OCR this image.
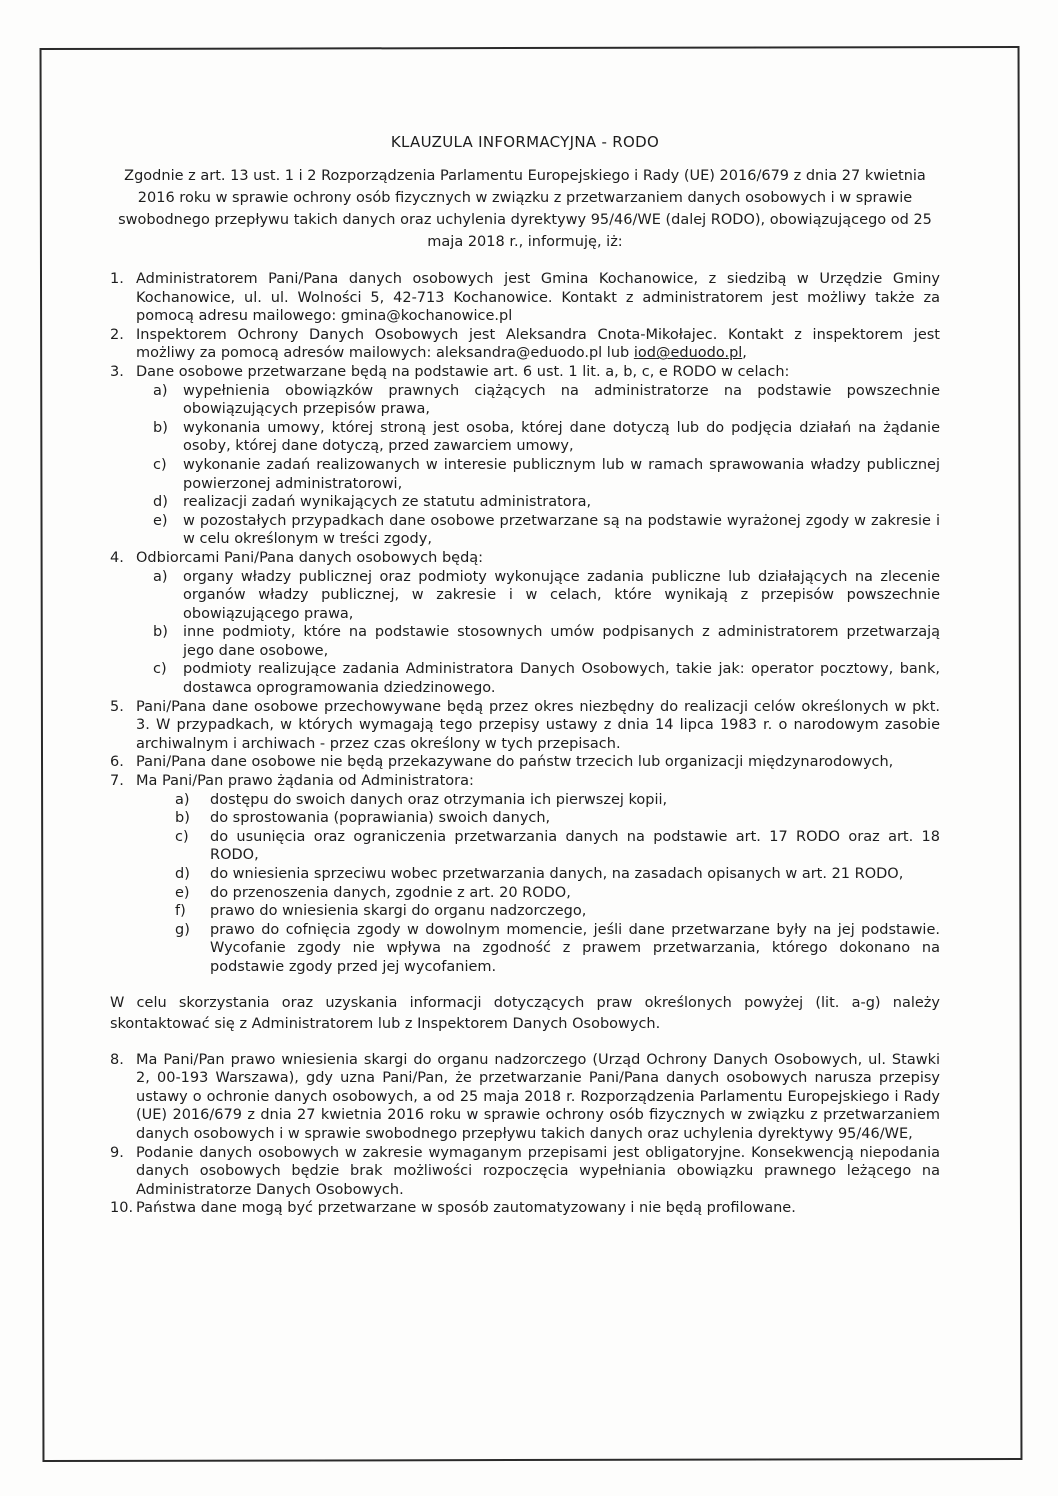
KLAUZULA INFORMACYJNA - RODO
Zgodnie z art. 13 ust. 1 i 2 Rozporządzenia Parlamentu Europejskiego i Rady (UE) 2016/679 z dnia 27 kwietnia 2016 roku w sprawie ochrony osób fizycznych w związku z przetwarzaniem danych osobowych i w sprawie swobodnego przepływu takich danych oraz uchylenia dyrektywy 95/46/WE (dalej RODO), obowiązującego od 25 maja 2018 r., informuję, iż:
1. Administratorem Pani/Pana danych osobowych jest Gmina Kochanowice, z siedzibą w Urzędzie Gminy Kochanowice, ul. ul. Wolności 5, 42-713 Kochanowice. Kontakt z administratorem jest możliwy także za pomocą adresu mailowego: gmina@kochanowice.pl
2. Inspektorem Ochrony Danych Osobowych jest Aleksandra Cnota-Mikołajec. Kontakt z inspektorem jest możliwy za pomocą adresów mailowych: aleksandra@eduodo.pl lub iod@eduodo.pl,
3. Dane osobowe przetwarzane będą na podstawie art. 6 ust. 1 lit. a, b, c, e RODO w celach:
a)	wypełnienia obowiązków prawnych ciążących na administratorze na podstawie powszechnie obowiązujących przepisów prawa,
b)	wykonania umowy, której stroną jest osoba, której dane dotyczą lub do podjęcia działań na żądanie osoby, której dane dotyczą, przed zawarciem umowy,
c)	wykonanie zadań realizowanych w interesie publicznym lub w ramach sprawowania władzy publicznej powierzonej administratorowi,
d)	realizacji zadań wynikających ze statutu administratora,
e)	w pozostałych przypadkach dane osobowe przetwarzane są na podstawie wyrażonej zgody w zakresie i w celu określonym w treści zgody,
4. Odbiorcami Pani/Pana danych osobowych będą:
a)	organy władzy publicznej oraz podmioty wykonujące zadania publiczne lub działających na zlecenie organów władzy publicznej, w zakresie i w celach, które wynikają z przepisów powszechnie obowiązującego prawa,
b)	inne podmioty, które na podstawie stosownych umów podpisanych z administratorem przetwarzają jego dane osobowe,
c)	podmioty realizujące zadania Administratora Danych Osobowych, takie jak: operator pocztowy, bank, dostawca oprogramowania dziedzinowego.
5. Pani/Pana dane osobowe przechowywane będą przez okres niezbędny do realizacji celów określonych w pkt. 3. W przypadkach, w których wymagają tego przepisy ustawy z dnia 14 lipca 1983 r. o narodowym zasobie archiwalnym i archiwach - przez czas określony w tych przepisach.
6. Pani/Pana dane osobowe nie będą przekazywane do państw trzecich lub organizacji międzynarodowych,
7. Ma Pani/Pan prawo żądania od Administratora:
a)	dostępu do swoich danych oraz otrzymania ich pierwszej kopii,
b)	do sprostowania (poprawiania) swoich danych,
c)	do usunięcia oraz ograniczenia przetwarzania danych na podstawie art. 17 RODO oraz art. 18 RODO,
d)	do wniesienia sprzeciwu wobec przetwarzania danych, na zasadach opisanych w art. 21 RODO,
e)	do przenoszenia danych, zgodnie z art. 20 RODO,
f)	prawo do wniesienia skargi do organu nadzorczego,
g)	prawo do cofnięcia zgody w dowolnym momencie, jeśli dane przetwarzane były na jej podstawie. Wycofanie zgody nie wpływa na zgodność z prawem przetwarzania, którego dokonano na podstawie zgody przed jej wycofaniem.
W celu skorzystania oraz uzyskania informacji dotyczących praw określonych powyżej (lit. a-g) należy skontaktować się z Administratorem lub z Inspektorem Danych Osobowych.
8. Ma Pani/Pan prawo wniesienia skargi do organu nadzorczego (Urząd Ochrony Danych Osobowych, ul. Stawki 2, 00-193 Warszawa), gdy uzna Pani/Pan, że przetwarzanie Pani/Pana danych osobowych narusza przepisy ustawy o ochronie danych osobowych, a od 25 maja 2018 r. Rozporządzenia Parlamentu Europejskiego i Rady (UE) 2016/679 z dnia 27 kwietnia 2016 roku w sprawie ochrony osób fizycznych w związku z przetwarzaniem danych osobowych i w sprawie swobodnego przepływu takich danych oraz uchylenia dyrektywy 95/46/WE,
9. Podanie danych osobowych w zakresie wymaganym przepisami jest obligatoryjne. Konsekwencją niepodania danych osobowych będzie brak możliwości rozpoczęcia wypełniania obowiązku prawnego leżącego na Administratorze Danych Osobowych.
10. Państwa dane mogą być przetwarzane w sposób zautomatyzowany i nie będą profilowane.
